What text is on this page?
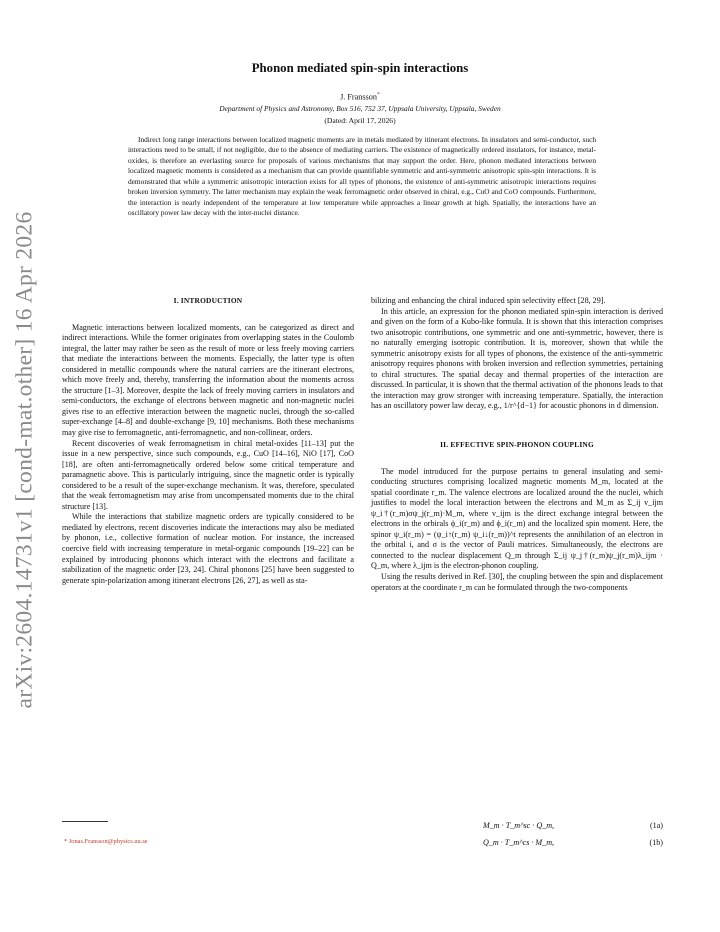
arXiv:2604.14731v1 [cond-mat.other] 16 Apr 2026
Phonon mediated spin-spin interactions
J. Fransson*
Department of Physics and Astronomy, Box 516, 752 37, Uppsala University, Uppsala, Sweden
(Dated: April 17, 2026)

Indirect long range interactions between localized magnetic moments are in metals mediated by itinerant electrons. In insulators and semi-conductor, such interactions need to be small, if not negligible, due to the absence of mediating carriers. The existence of magnetically ordered insulators, for instance, metal-oxides, is therefore an everlasting source for proposals of various mechanisms that may support the order. Here, phonon mediated interactions between localized magnetic moments is considered as a mechanism that can provide quantifiable symmetric and anti-symmetric anisotropic spin-spin interactions. It is demonstrated that while a symmetric anisotropic interaction exists for all types of phonons, the existence of anti-symmetric anisotropic interactions requires broken inversion symmetry. The latter mechanism may explain the weak ferromagnetic order observed in chiral, e.g., CuO and CoO compounds. Furthermore, the interaction is nearly independent of the temperature at low temperature while approaches a linear growth at high. Spatially, the interactions have an oscillatory power law decay with the inter-nuclei distance.

I. INTRODUCTION

Magnetic interactions between localized moments, can be categorized as direct and indirect interactions. While the former originates from overlapping states in the Coulomb integral, the latter may rather be seen as the result of more or less freely moving carriers that mediate the interactions between the moments. Especially, the latter type is often considered in metallic compounds where the natural carriers are the itinerant electrons, which move freely and, thereby, transferring the information about the moments across the structure [1–3]. Moreover, despite the lack of freely moving carriers in insulators and semi-conductors, the exchange of electrons between magnetic and non-magnetic nuclei gives rise to an effective interaction between the magnetic nuclei, through the so-called super-exchange [4–8] and double-exchange [9, 10] mechanisms. Both these mechanisms may give rise to ferromagnetic, anti-ferromagnetic, and non-collinear, orders.

Recent discoveries of weak ferromagnetism in chiral metal-oxides [11–13] put the issue in a new perspective, since such compounds, e.g., CuO [14–16], NiO [17], CoO [18], are often anti-ferromagnetically ordered below some critical temperature and paramagnetic above. This is particularly intriguing, since the magnetic order is typically considered to be a result of the super-exchange mechanism. It was, therefore, speculated that the weak ferromagnetism may arise from uncompensated moments due to the chiral structure [13].

While the interactions that stabilize magnetic orders are typically considered to be mediated by electrons, recent discoveries indicate the interactions may also be mediated by phonon, i.e., collective formation of nuclear motion. For instance, the increased coercive field with increasing temperature in metal-organic compounds [19–22] can be explained by introducing phonons which interact with the electrons and facilitate a stabilization of the magnetic order [23, 24]. Chiral phonons [25] have been suggested to generate spin-polarization among itinerant electrons [26, 27], as well as sta-

bilizing and enhancing the chiral induced spin selectivity effect [28, 29].

In this article, an expression for the phonon mediated spin-spin interaction is derived and given on the form of a Kubo-like formula. It is shown that this interaction comprises two anisotropic contributions, one symmetric and one anti-symmetric, however, there is no naturally emerging isotropic contribution. It is, moreover, shown that while the symmetric anisotropy exists for all types of phonons, the existence of the anti-symmetric anisotropy requires phonons with broken inversion and reflection symmetries, pertaining to chiral structures. The spatial decay and thermal properties of the interaction are discussed. In particular, it is shown that the thermal activation of the phonons leads to that the interaction may grow stronger with increasing temperature. Spatially, the interaction has an oscillatory power law decay, e.g., 1/r^{d−1} for acoustic phonons in d dimension.

II. EFFECTIVE SPIN-PHONON COUPLING

The model introduced for the purpose pertains to general insulating and semi-conducting structures comprising localized magnetic moments M_m, located at the spatial coordinate r_m. The valence electrons are localized around the the nuclei, which justifies to model the local interaction between the electrons and M_m as Σ_ij v_ijm ψ_i†(r_m)σψ_j(r_m)·M_m, where v_ijm is the direct exchange integral between the electrons in the orbirals ϕ_i(r_m) and ϕ_i(r_m) and the localized spin moment. Here, the spinor ψ_i(r_m) = (ψ_i↑(r_m) ψ_i↓(r_m))^t represents the annihilation of an electron in the orbital i, and σ is the vector of Pauli matrices. Simultaneously, the electrons are connected to the nuclear displacement Q_m through Σ_ij ψ_j†(r_m)ψ_j(r_m)λ_ijm · Q_m, where λ_ijm is the electron-phonon coupling.

Using the results derived in Ref. [30], the coupling between the spin and displacement operators at the coordinate r_m can be formulated through the two-components

M_m · T_m^sc · Q_m,	(1a)
Q_m · T_m^cs · M_m,	(1b)
* Jonas.Fransson@physics.uu.se
